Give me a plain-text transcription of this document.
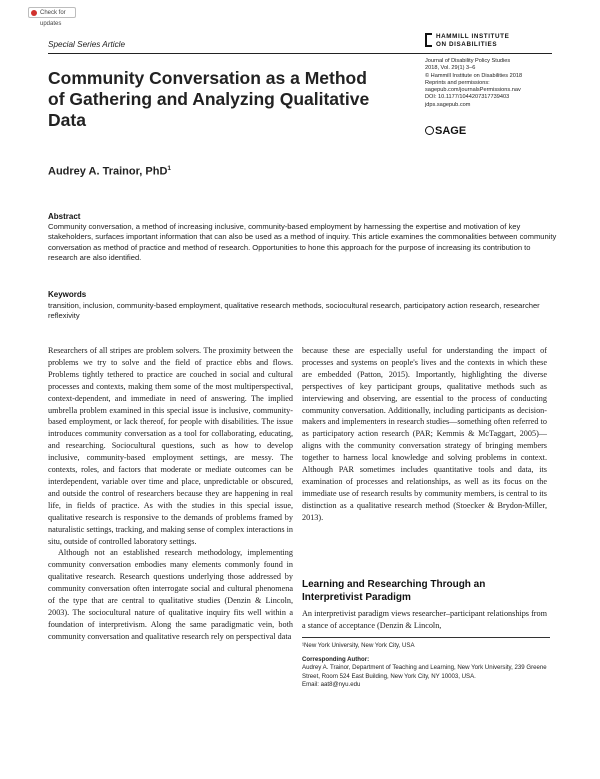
Check for updates
Special Series Article
HAMMILL INSTITUTE
ON DISABILITIES
Journal of Disability Policy Studies
2018, Vol. 29(1) 3–6
© Hammill Institute on Disabilities 2018
Reprints and permissions:
sagepub.com/journalsPermissions.nav
DOI: 10.1177/1044207317739403
jdps.sagepub.com
SAGE
Community Conversation as a Method of Gathering and Analyzing Qualitative Data
Audrey A. Trainor, PhD$^1$
Abstract
Community conversation, a method of increasing inclusive, community-based employment by harnessing the expertise and motivation of key stakeholders, surfaces important information that can also be used as a method of inquiry. This article examines the commonalities between community conversation as method of practice and method of research. Opportunities to hone this approach for the purpose of increasing its contribution to research are also identified.
Keywords
transition, inclusion, community-based employment, qualitative research methods, sociocultural research, participatory action research, researcher reflexivity

Researchers of all stripes are problem solvers. The proximity between the problems we try to solve and the field of practice ebbs and flows. Problems tightly tethered to practice are couched in social and cultural processes and contexts, making them some of the most multiperspectival, context-dependent, and immediate in need of answering. The implied umbrella problem examined in this special issue is inclusive, community-based employment, or lack thereof, for people with disabilities. The issue introduces community conversation as a tool for collaborating, educating, and researching. Sociocultural questions, such as how to develop inclusive, community-based employment settings, are messy. The contexts, roles, and factors that moderate or mediate outcomes can be interdependent, variable over time and place, unpredictable or obscured, and outside the control of researchers because they are happening in real life, in fields of practice. As with the studies in this special issue, qualitative research is responsive to the demands of problems framed by naturalistic settings, tracking, and making sense of complex interactions in situ, outside of controlled laboratory settings.

Although not an established research methodology, implementing community conversation embodies many elements commonly found in qualitative research. Research questions underlying those addressed by community conversation often interrogate social and cultural phenomena of the type that are central to qualitative studies (Denzin & Lincoln, 2003). The sociocultural nature of qualitative inquiry fits well within a foundation of interpretivism. Along the same paradigmatic vein, both community conversation and qualitative research rely on perspectival data

because these are especially useful for understanding the impact of processes and systems on people's lives and the contexts in which these are embedded (Patton, 2015). Importantly, highlighting the diverse perspectives of key participant groups, qualitative methods such as interviewing and observing, are essential to the process of conducting community conversation. Additionally, including participants as decision-makers and implementers in research studies—something often referred to as participatory action research (PAR; Kemmis & McTaggart, 2005)—aligns with the community conversation strategy of bringing members together to harness local knowledge and solving problems in context. Although PAR sometimes includes quantitative tools and data, its examination of processes and relationships, as well as its focus on the immediate use of research results by community members, is central to its distinction as a qualitative research method (Stoecker & Brydon-Miller, 2013).

Learning and Researching Through an Interpretivist Paradigm

An interpretivist paradigm views researcher–participant relationships from a stance of acceptance (Denzin & Lincoln,

¹New York University, New York City, USA
Corresponding Author:
Audrey A. Trainor, Department of Teaching and Learning, New York University, 239 Greene Street, Room 524 East Building, New York City, NY 10003, USA.
Email: aat8@nyu.edu
